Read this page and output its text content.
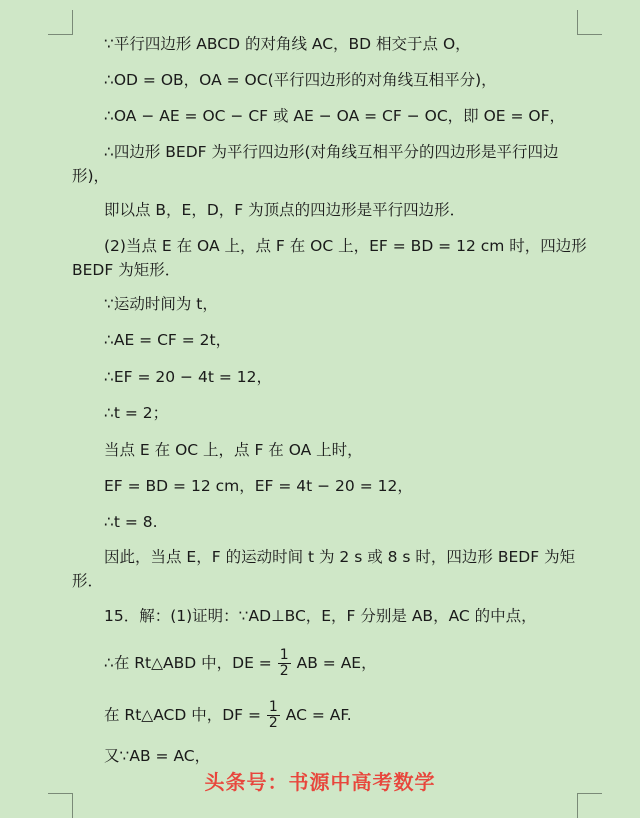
∵平行四边形 ABCD 的对角线 AC，BD 相交于点 O，
∴OD = OB，OA = OC(平行四边形的对角线互相平分)，
∴OA − AE = OC − CF 或 AE − OA = CF − OC，即 OE = OF，
∴四边形 BEDF 为平行四边形(对角线互相平分的四边形是平行四边
形)，
即以点 B，E，D，F 为顶点的四边形是平行四边形．
(2)当点 E 在 OA 上，点 F 在 OC 上，EF = BD = 12 cm 时，四边形
BEDF 为矩形．
∵运动时间为 t，
∴AE = CF = 2t，
∴EF = 20 − 4t = 12，
∴t = 2；
当点 E 在 OC 上，点 F 在 OA 上时，
EF = BD = 12 cm，EF = 4t − 20 = 12，
∴t = 8.
因此，当点 E，F 的运动时间 t 为 2 s 或 8 s 时，四边形 BEDF 为矩
形．
15．解：(1)证明：∵AD⊥BC，E，F 分别是 AB，AC 的中点，
∴在 Rt△ABD 中，DE = $\frac{1}{2}$ AB = AE，
在 Rt△ACD 中，DF = $\frac{1}{2}$ AC = AF.
又∵AB = AC，
头条号：书源中高考数学
